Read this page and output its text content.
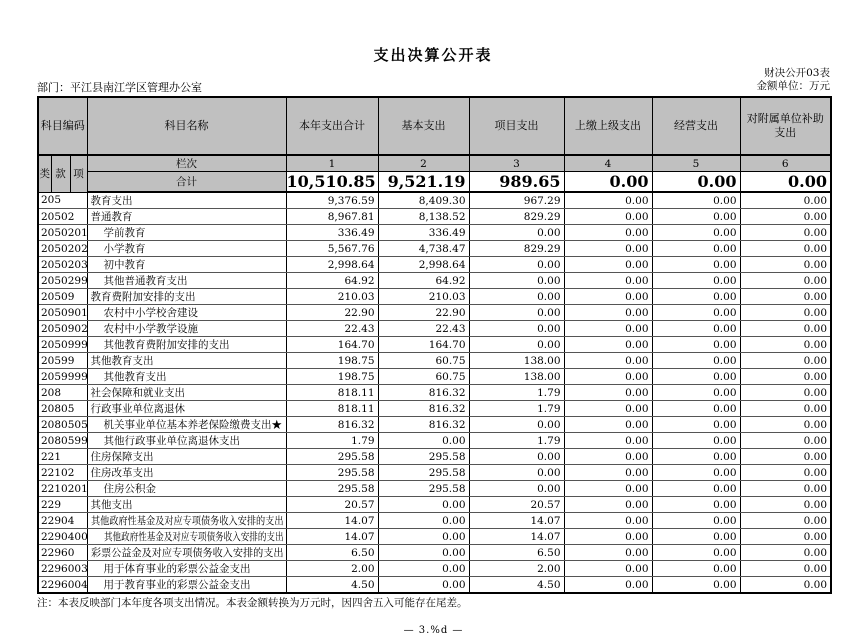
支出决算公开表
财决公开03表
金额单位：万元
部门：平江县南江学区管理办公室
科目编码			科目名称	本年支出合计	基本支出	项目支出	上缴上级支出	经营支出	对附属单位补助支出
类	款	项	栏次	1	2	3	4	5	6
			合计	10,510.85	9,521.19	989.65	0.00	0.00	0.00
205			教育支出	9,376.59	8,409.30	967.29	0.00	0.00	0.00
20502			普通教育	8,967.81	8,138.52	829.29	0.00	0.00	0.00
2050201			学前教育	336.49	336.49	0.00	0.00	0.00	0.00
2050202			小学教育	5,567.76	4,738.47	829.29	0.00	0.00	0.00
2050203			初中教育	2,998.64	2,998.64	0.00	0.00	0.00	0.00
2050299			其他普通教育支出	64.92	64.92	0.00	0.00	0.00	0.00
20509			教育费附加安排的支出	210.03	210.03	0.00	0.00	0.00	0.00
2050901			农村中小学校舍建设	22.90	22.90	0.00	0.00	0.00	0.00
2050902			农村中小学教学设施	22.43	22.43	0.00	0.00	0.00	0.00
2050999			其他教育费附加安排的支出	164.70	164.70	0.00	0.00	0.00	0.00
20599			其他教育支出	198.75	60.75	138.00	0.00	0.00	0.00
2059999			其他教育支出	198.75	60.75	138.00	0.00	0.00	0.00
208			社会保障和就业支出	818.11	816.32	1.79	0.00	0.00	0.00
20805			行政事业单位离退休	818.11	816.32	1.79	0.00	0.00	0.00
2080505			机关事业单位基本养老保险缴费支出★	816.32	816.32	0.00	0.00	0.00	0.00
2080599			其他行政事业单位离退休支出	1.79	0.00	1.79	0.00	0.00	0.00
221			住房保障支出	295.58	295.58	0.00	0.00	0.00	0.00
22102			住房改革支出	295.58	295.58	0.00	0.00	0.00	0.00
2210201			住房公积金	295.58	295.58	0.00	0.00	0.00	0.00
229			其他支出	20.57	0.00	20.57	0.00	0.00	0.00
22904			其他政府性基金及对应专项债务收入安排的支出	14.07	0.00	14.07	0.00	0.00	0.00
2290400			其他政府性基金及对应专项债务收入安排的支出	14.07	0.00	14.07	0.00	0.00	0.00
22960			彩票公益金及对应专项债务收入安排的支出	6.50	0.00	6.50	0.00	0.00	0.00
2296003			用于体育事业的彩票公益金支出	2.00	0.00	2.00	0.00	0.00	0.00
2296004			用于教育事业的彩票公益金支出	4.50	0.00	4.50	0.00	0.00	0.00
注：本表反映部门本年度各项支出情况。本表金额转换为万元时，因四舍五入可能存在尾差。
— 3.%d —
